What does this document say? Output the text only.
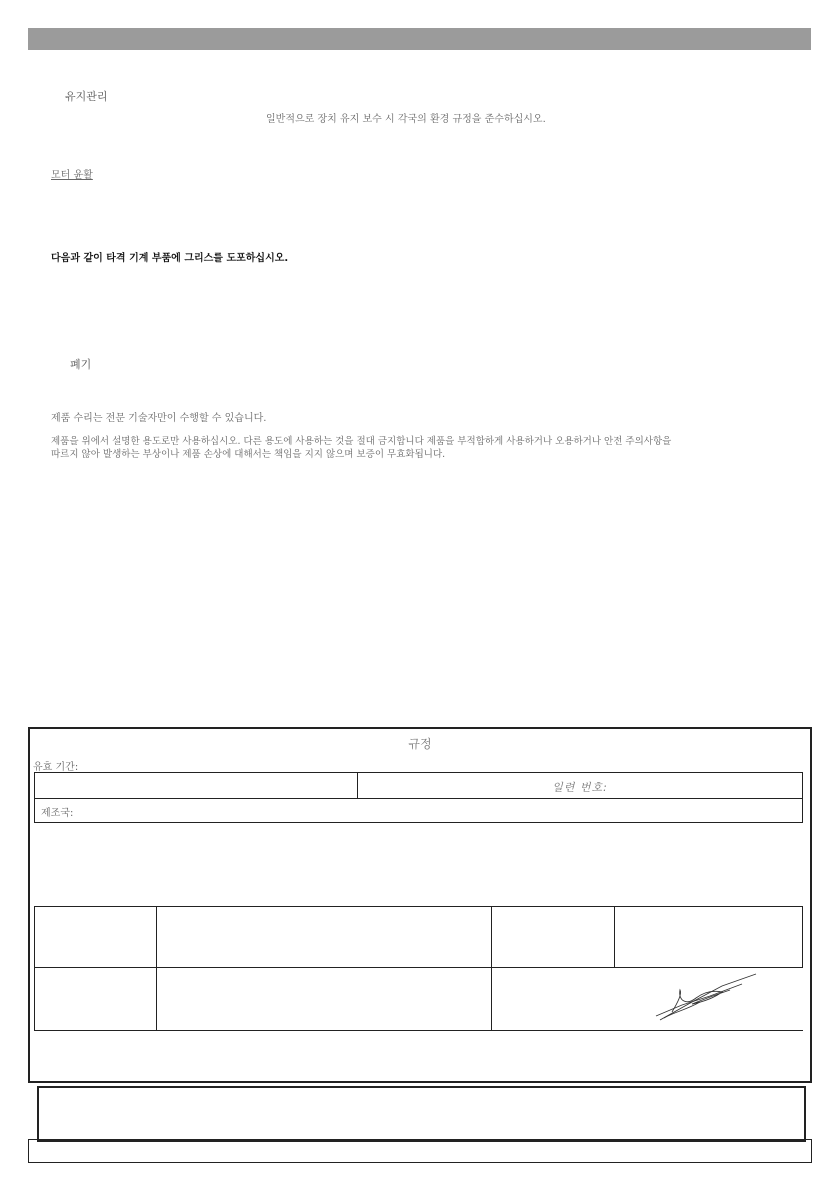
유지관리
일반적으로 장치 유지 보수 시 각국의 환경 규정을 준수하십시오.
모터 윤활
다음과 같이 타격 기계 부품에 그리스를 도포하십시오.
폐기
제품 수리는 전문 기술자만이 수행할 수 있습니다.
제품을 위에서 설명한 용도로만 사용하십시오. 다른 용도에 사용하는 것을 절대 금지합니다 제품을 부적합하게 사용하거나 오용하거나 안전 주의사항을
따르지 않아 발생하는 부상이나 제품 손상에 대해서는 책임을 지지 않으며 보증이 무효화됩니다.
규정
유효 기간:
일련 번호:
제조국:
